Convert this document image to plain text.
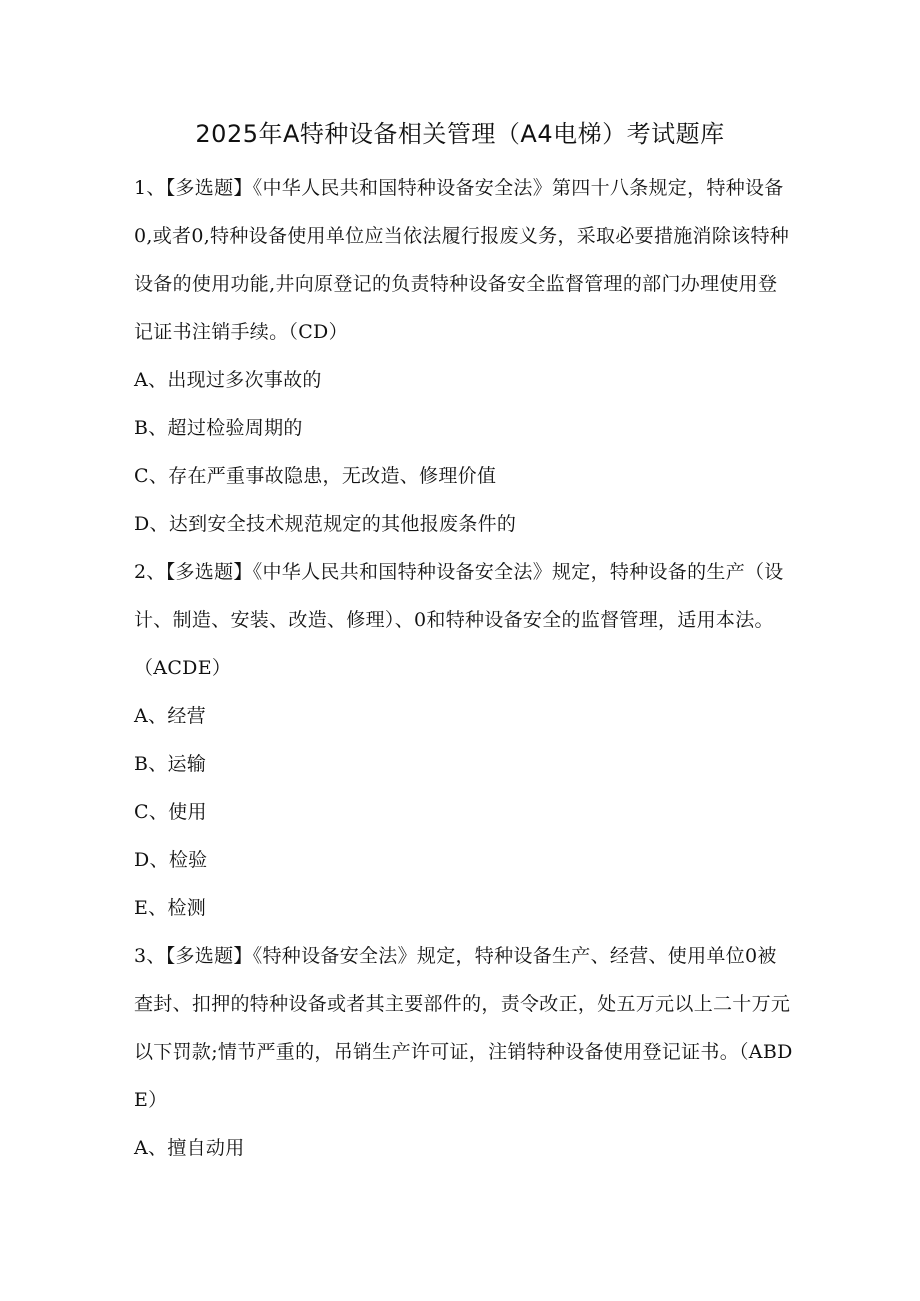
2025年A特种设备相关管理（A4电梯）考试题库

1、【多选题】《中华人民共和国特种设备安全法》第四十八条规定，特种设备0,或者0,特种设备使用单位应当依法履行报废义务，采取必要措施消除该特种设备的使用功能,井向原登记的负责特种设备安全监督管理的部门办理使用登记证书注销手续。（CD）

A、出现过多次事故的

B、超过检验周期的

C、存在严重事故隐患，无改造、修理价值

D、达到安全技术规范规定的其他报废条件的

2、【多选题】《中华人民共和国特种设备安全法》规定，特种设备的生产（设计、制造、安装、改造、修理）、0和特种设备安全的监督管理，适用本法。（ACDE）

A、经营

B、运输

C、使用

D、检验

E、检测

3、【多选题】《特种设备安全法》规定，特种设备生产、经营、使用单位0被查封、扣押的特种设备或者其主要部件的，责令改正，处五万元以上二十万元以下罚款;情节严重的，吊销生产许可证，注销特种设备使用登记证书。（ABDE）

A、擅自动用
